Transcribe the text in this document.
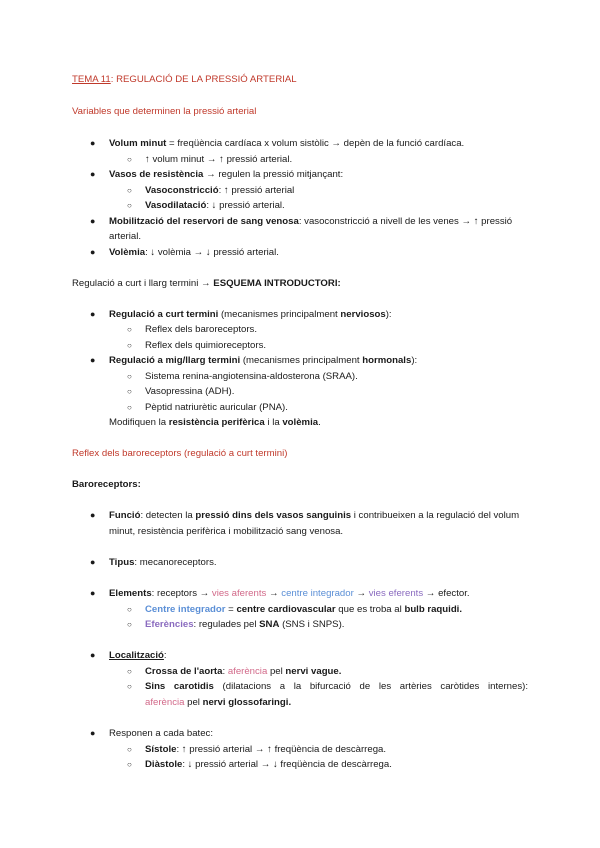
TEMA 11: REGULACIÓ DE LA PRESSIÓ ARTERIAL
Variables que determinen la pressió arterial
● Volum minut = freqüència cardíaca x volum sistòlic → depèn de la funció cardíaca.
○ ↑ volum minut → ↑ pressió arterial.
● Vasos de resistència → regulen la pressió mitjançant:
○ Vasoconstricció: ↑ pressió arterial
○ Vasodilatació: ↓ pressió arterial.
● Mobilització del reservori de sang venosa: vasoconstricció a nivell de les venes → ↑ pressió
arterial.
● Volèmia: ↓ volèmia → ↓ pressió arterial.
Regulació a curt i llarg termini → ESQUEMA INTRODUCTORI:
● Regulació a curt termini (mecanismes principalment nerviosos):
○ Reflex dels baroreceptors.
○ Reflex dels quimioreceptors.
● Regulació a mig/llarg termini (mecanismes principalment hormonals):
○ Sistema renina-angiotensina-aldosterona (SRAA).
○ Vasopressina (ADH).
○ Pèptid natriurètic auricular (PNA).
Modifiquen la resistència perifèrica i la volèmia.
Reflex dels baroreceptors (regulació a curt termini)
Baroreceptors:
● Funció: detecten la pressió dins dels vasos sanguinis i contribueixen a la regulació del volum
minut, resistència perifèrica i mobilització sang venosa.
● Tipus: mecanoreceptors.
● Elements: receptors → vies aferents → centre integrador → vies eferents → efector.
○ Centre integrador = centre cardiovascular que es troba al bulb raquidi.
○ Eferències: regulades pel SNA (SNS i SNPS).
● Localització:
○ Crossa de l'aorta: aferència pel nervi vague.
○ Sins carotidis (dilatacions a la bifurcació de les artèries caròtides internes):
aferència pel nervi glossofaringi.
● Responen a cada batec:
○ Sístole: ↑ pressió arterial → ↑ freqüència de descàrrega.
○ Diàstole: ↓ pressió arterial → ↓ freqüència de descàrrega.
